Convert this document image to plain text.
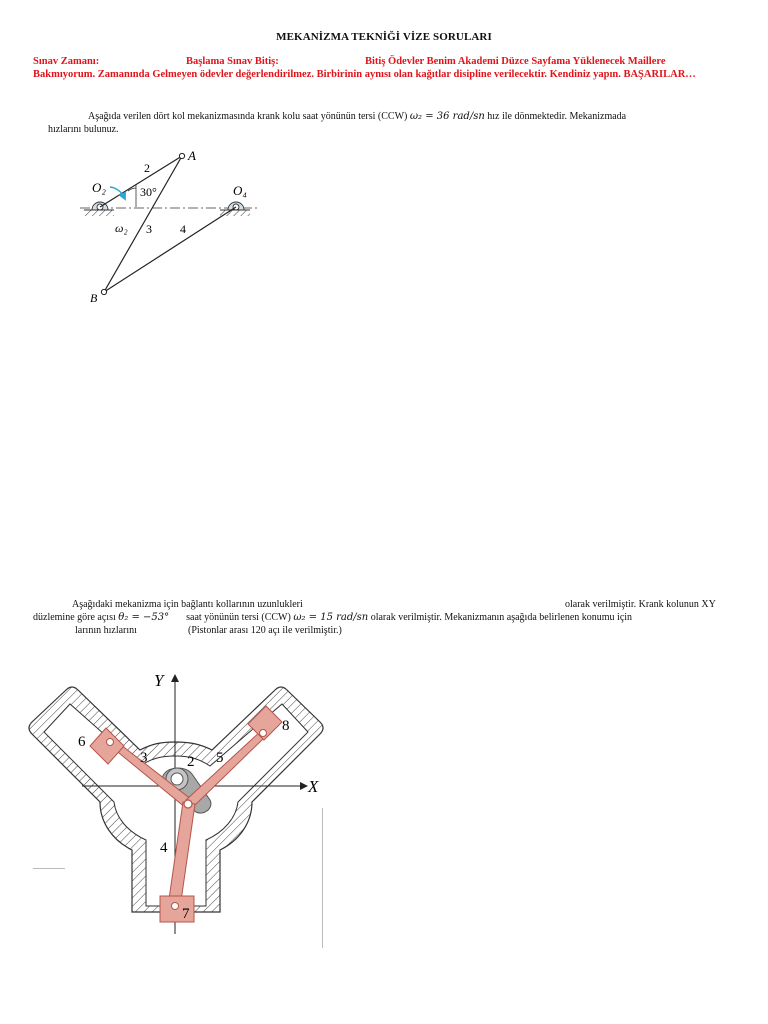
MEKANİZMA TEKNİĞİ VİZE SORULARI
Sınav Zamanı:	Başlama Sınav Bitiş:	Bitiş Ödevler Benim Akademi Düzce Sayfama Yüklenecek Maillere
Bakmıyorum. Zamanında Gelmeyen ödevler değerlendirilmez. Birbirinin aynısı olan kağıtlar disipline verilecektir. Kendiniz yapın. BAŞARILAR…
Aşağıda verilen dört kol mekanizmasında krank kolu saat yönünün tersi (CCW) ω₂ = 36 rad/sn hız ile dönmektedir. Mekanizmada
hızlarını bulunuz.
A
B
O₂	O₄
30°
2
3 4
ω₂
Aşağıdaki mekanizma için bağlantı kollarının uzunlukleri	olarak verilmiştir. Krank kolunun XY
düzlemine göre açısı θ₂ = −53° saat yönünün tersi (CCW) ω₂ = 15 rad/sn olarak verilmiştir. Mekanizmanın aşağıda belirlenen konumu için
larının hızlarını	(Pistonlar arası 120 açı ile verilmiştir.)
X
Y
2
3
4
5
6
7
8
